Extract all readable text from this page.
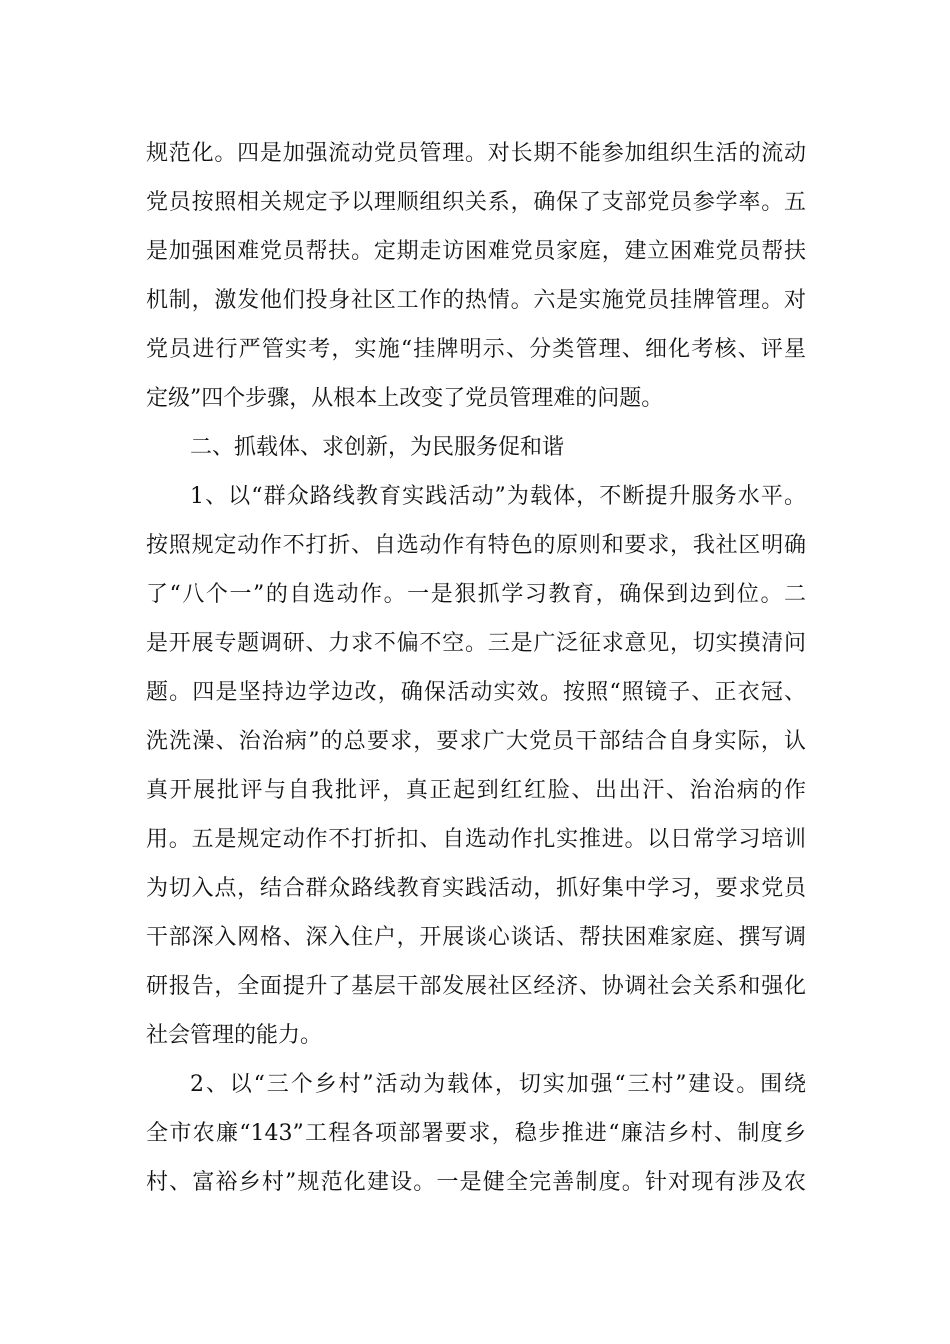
规范化。四是加强流动党员管理。对长期不能参加组织生活的流动
党员按照相关规定予以理顺组织关系，确保了支部党员参学率。五
是加强困难党员帮扶。定期走访困难党员家庭，建立困难党员帮扶
机制，激发他们投身社区工作的热情。六是实施党员挂牌管理。对
党员进行严管实考，实施“挂牌明示、分类管理、细化考核、评星
定级”四个步骤，从根本上改变了党员管理难的问题。
二、抓载体、求创新，为民服务促和谐
1、以“群众路线教育实践活动”为载体，不断提升服务水平。
按照规定动作不打折、自选动作有特色的原则和要求，我社区明确
了“八个一”的自选动作。一是狠抓学习教育，确保到边到位。二
是开展专题调研、力求不偏不空。三是广泛征求意见，切实摸清问
题。四是坚持边学边改，确保活动实效。按照“照镜子、正衣冠、
洗洗澡、治治病”的总要求，要求广大党员干部结合自身实际，认
真开展批评与自我批评，真正起到红红脸、出出汗、治治病的作
用。五是规定动作不打折扣、自选动作扎实推进。以日常学习培训
为切入点，结合群众路线教育实践活动，抓好集中学习，要求党员
干部深入网格、深入住户，开展谈心谈话、帮扶困难家庭、撰写调
研报告，全面提升了基层干部发展社区经济、协调社会关系和强化
社会管理的能力。
2、以“三个乡村”活动为载体，切实加强“三村”建设。围绕
全市农廉“143”工程各项部署要求，稳步推进“廉洁乡村、制度乡
村、富裕乡村”规范化建设。一是健全完善制度。针对现有涉及农
